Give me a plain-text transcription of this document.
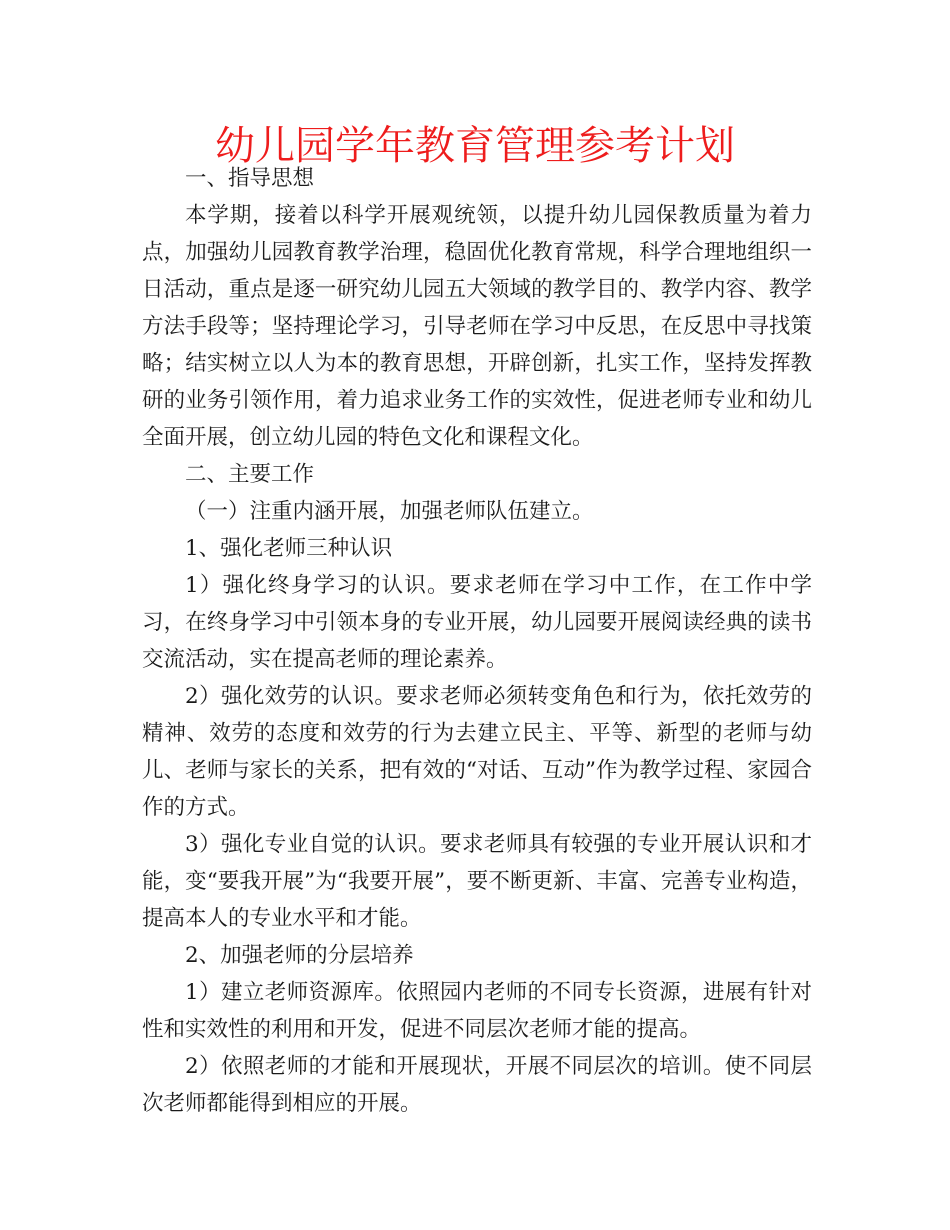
幼儿园学年教育管理参考计划

一、指导思想

本学期，接着以科学开展观统领，以提升幼儿园保教质量为着力点，加强幼儿园教育教学治理，稳固优化教育常规，科学合理地组织一日活动，重点是逐一研究幼儿园五大领域的教学目的、教学内容、教学方法手段等；坚持理论学习，引导老师在学习中反思，在反思中寻找策略；结实树立以人为本的教育思想，开辟创新，扎实工作，坚持发挥教研的业务引领作用，着力追求业务工作的实效性，促进老师专业和幼儿全面开展，创立幼儿园的特色文化和课程文化。

二、主要工作

（一）注重内涵开展，加强老师队伍建立。

1、强化老师三种认识

1）强化终身学习的认识。要求老师在学习中工作，在工作中学习，在终身学习中引领本身的专业开展，幼儿园要开展阅读经典的读书交流活动，实在提高老师的理论素养。

2）强化效劳的认识。要求老师必须转变角色和行为，依托效劳的精神、效劳的态度和效劳的行为去建立民主、平等、新型的老师与幼儿、老师与家长的关系，把有效的“对话、互动”作为教学过程、家园合作的方式。

3）强化专业自觉的认识。要求老师具有较强的专业开展认识和才能，变“要我开展”为“我要开展”，要不断更新、丰富、完善专业构造，提高本人的专业水平和才能。

2、加强老师的分层培养

1）建立老师资源库。依照园内老师的不同专长资源，进展有针对性和实效性的利用和开发，促进不同层次老师才能的提高。

2）依照老师的才能和开展现状，开展不同层次的培训。使不同层次老师都能得到相应的开展。
